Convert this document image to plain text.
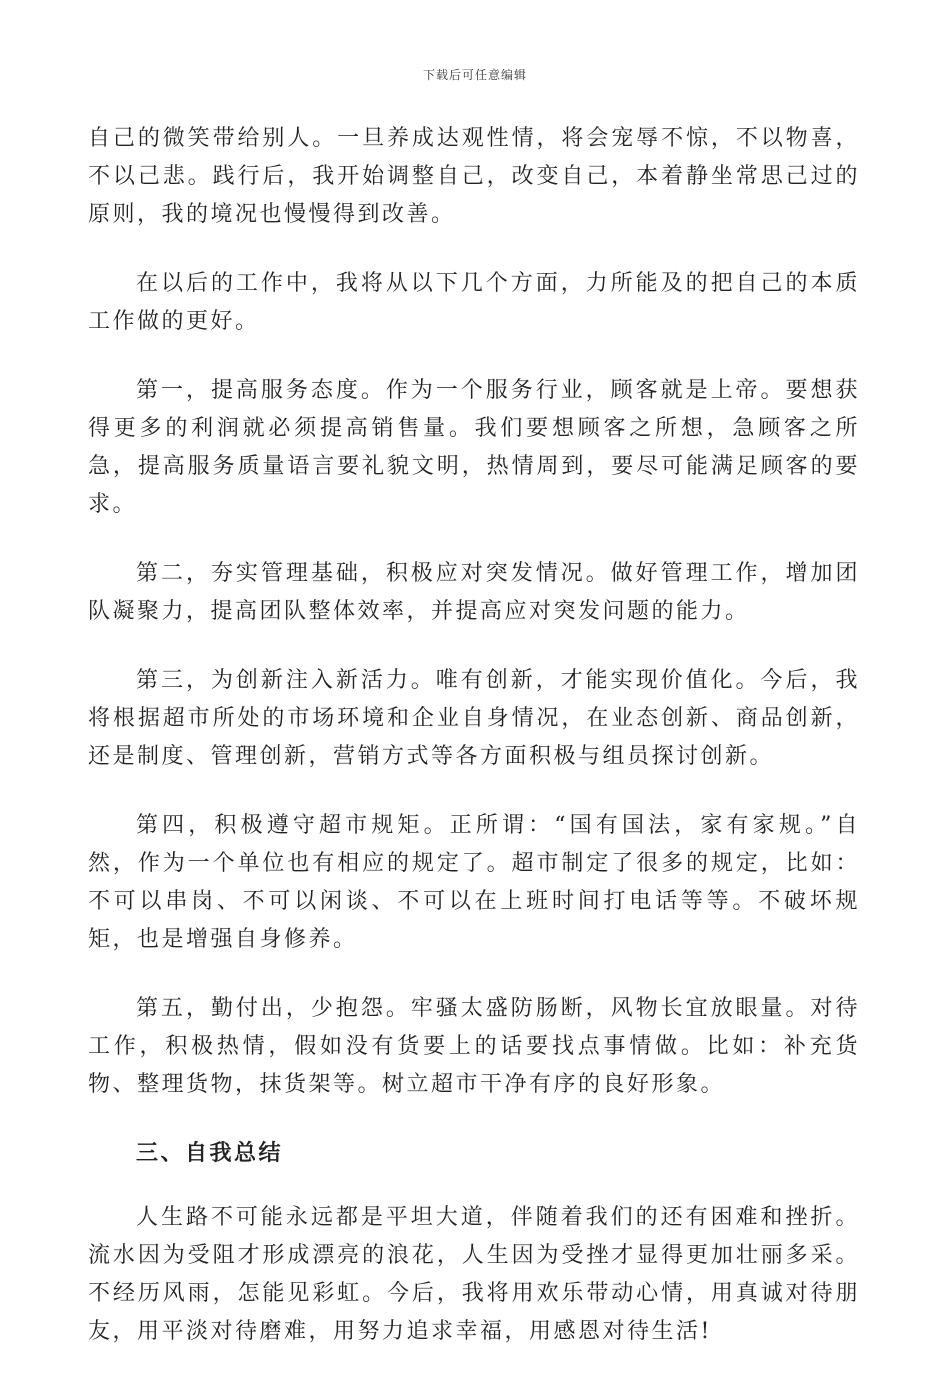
下载后可任意编辑

自己的微笑带给别人。一旦养成达观性情，将会宠辱不惊，不以物喜，不以己悲。践行后，我开始调整自己，改变自己，本着静坐常思己过的原则，我的境况也慢慢得到改善。

在以后的工作中，我将从以下几个方面，力所能及的把自己的本质工作做的更好。

第一，提高服务态度。作为一个服务行业，顾客就是上帝。要想获得更多的利润就必须提高销售量。我们要想顾客之所想，急顾客之所急，提高服务质量语言要礼貌文明，热情周到，要尽可能满足顾客的要求。

第二，夯实管理基础，积极应对突发情况。做好管理工作，增加团队凝聚力，提高团队整体效率，并提高应对突发问题的能力。

第三，为创新注入新活力。唯有创新，才能实现价值化。今后，我将根据超市所处的市场环境和企业自身情况，在业态创新、商品创新，还是制度、管理创新，营销方式等各方面积极与组员探讨创新。

第四，积极遵守超市规矩。正所谓：“国有国法，家有家规。”自然，作为一个单位也有相应的规定了。超市制定了很多的规定，比如：不可以串岗、不可以闲谈、不可以在上班时间打电话等等。不破坏规矩，也是增强自身修养。

第五，勤付出，少抱怨。牢骚太盛防肠断，风物长宜放眼量。对待工作，积极热情，假如没有货要上的话要找点事情做。比如：补充货物、整理货物，抹货架等。树立超市干净有序的良好形象。

三、自我总结

人生路不可能永远都是平坦大道，伴随着我们的还有困难和挫折。流水因为受阻才形成漂亮的浪花，人生因为受挫才显得更加壮丽多采。不经历风雨，怎能见彩虹。今后，我将用欢乐带动心情，用真诚对待朋友，用平淡对待磨难，用努力追求幸福，用感恩对待生活!
